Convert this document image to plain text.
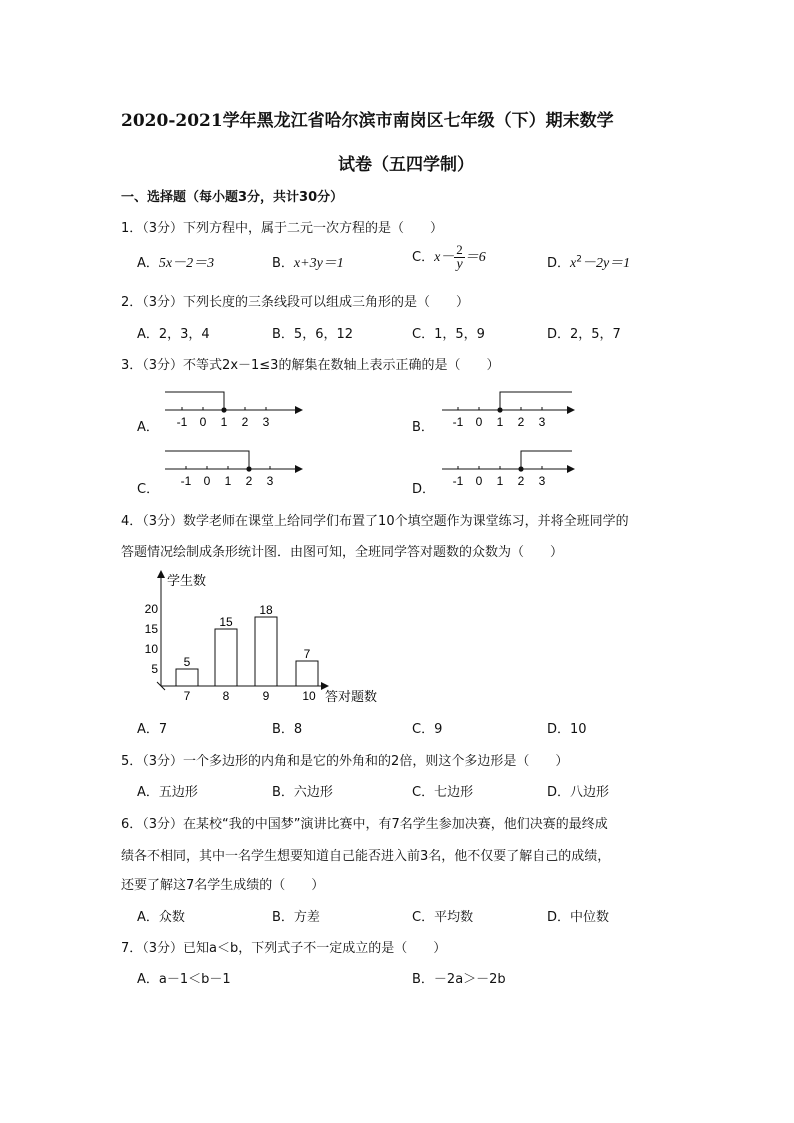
2020-2021学年黑龙江省哈尔滨市南岗区七年级（下）期末数学
试卷（五四学制）
一、选择题（每小题3分，共计30分）
1．（3分）下列方程中，属于二元一次方程的是（　　）
A．5x－2＝3	B．x+3y＝1	C．$x- \frac{2}{y} =6$	D．$x^2-2y=1$
2．（3分）下列长度的三条线段可以组成三角形的是（　　）
A．2，3，4	B．5，6，12	C．1，5，9	D．2，5，7
3．（3分）不等式2x－1≤3的解集在数轴上表示正确的是（　　）
A．	B．
C．	D．
-1 0 1 2 3	-1 0 1 2 3
-1 0 1 2 3	-1 0 1 2 3
4．（3分）数学老师在课堂上给同学们布置了10个填空题作为课堂练习，并将全班同学的
答题情况绘制成条形统计图．由图可知，全班同学答对题数的众数为（　　）
学生数
答对题数
5
10
15
20
5
7
15
8
18
9
7
10
A．7	B．8	C．9	D．10
5．（3分）一个多边形的内角和是它的外角和的2倍，则这个多边形是（　　）
A．五边形	B．六边形	C．七边形	D．八边形
6．（3分）在某校“我的中国梦”演讲比赛中，有7名学生参加决赛，他们决赛的最终成
绩各不相同，其中一名学生想要知道自己能否进入前3名，他不仅要了解自己的成绩，
还要了解这7名学生成绩的（　　）
A．众数	B．方差	C．平均数	D．中位数
7．（3分）已知a＜b，下列式子不一定成立的是（　　）
A．a－1＜b－1	B．－2a＞－2b
